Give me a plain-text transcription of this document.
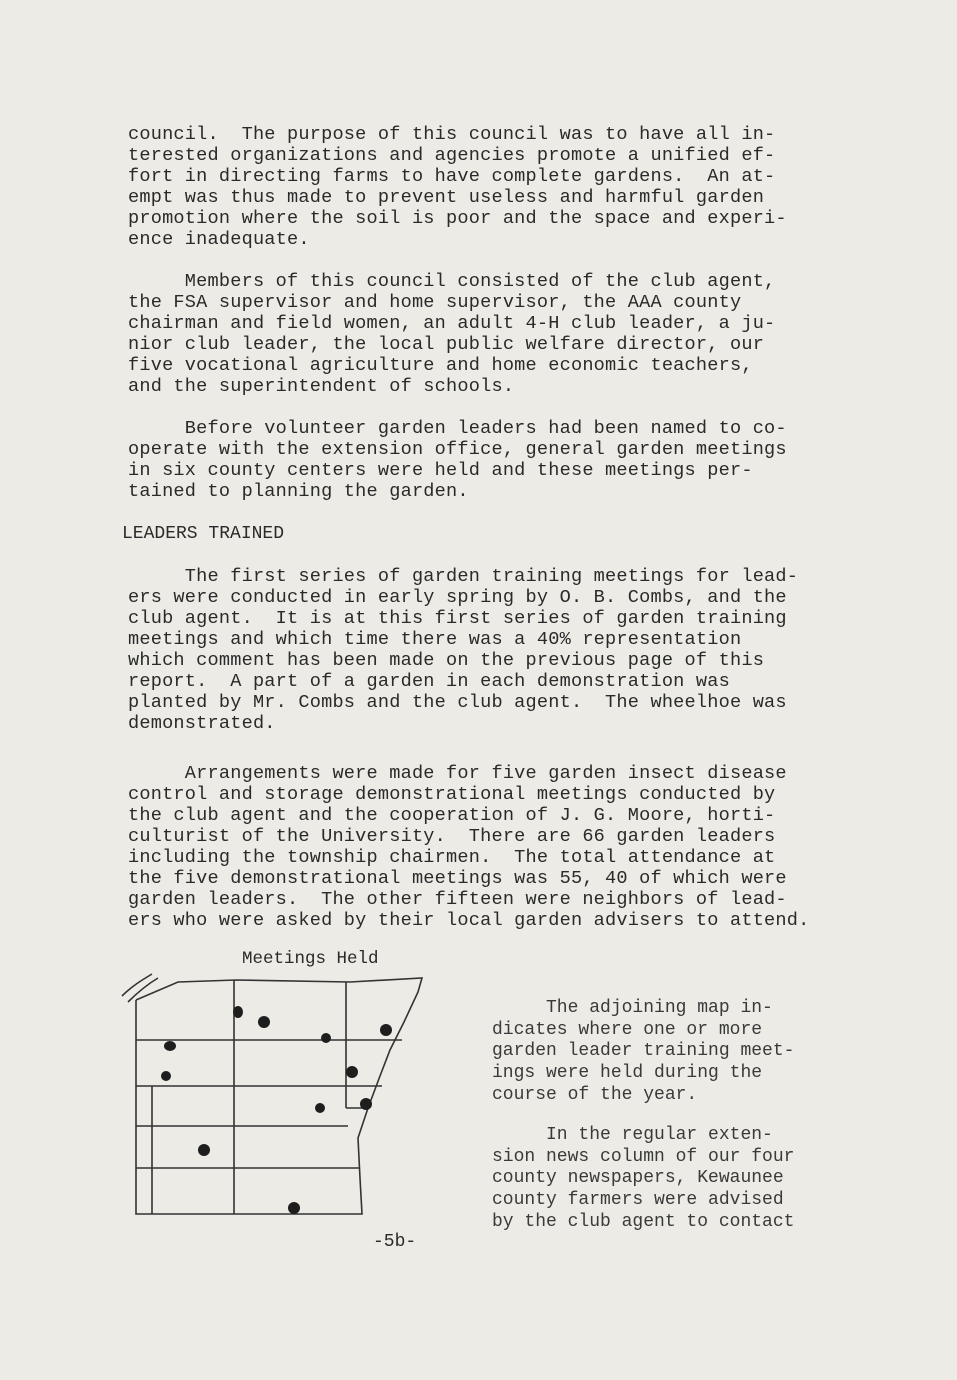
council.  The purpose of this council was to have all in-
terested organizations and agencies promote a unified ef-
fort in directing farms to have complete gardens.  An at-
empt was thus made to prevent useless and harmful garden
promotion where the soil is poor and the space and experi-
ence inadequate.
Members of this council consisted of the club agent,
the FSA supervisor and home supervisor, the AAA county
chairman and field women, an adult 4-H club leader, a ju-
nior club leader, the local public welfare director, our
five vocational agriculture and home economic teachers,
and the superintendent of schools.
Before volunteer garden leaders had been named to co-
operate with the extension office, general garden meetings
in six county centers were held and these meetings per-
tained to planning the garden.

LEADERS TRAINED

The first series of garden training meetings for lead-
ers were conducted in early spring by O. B. Combs, and the
club agent.  It is at this first series of garden training
meetings and which time there was a 40% representation
which comment has been made on the previous page of this
report.  A part of a garden in each demonstration was
planted by Mr. Combs and the club agent.  The wheelhoe was
demonstrated.
Arrangements were made for five garden insect disease
control and storage demonstrational meetings conducted by
the club agent and the cooperation of J. G. Moore, horti-
culturist of the University.  There are 66 garden leaders
including the township chairmen.  The total attendance at
the five demonstrational meetings was 55, 40 of which were
garden leaders.  The other fifteen were neighbors of lead-
ers who were asked by their local garden advisers to attend.

Meetings Held

The adjoining map in-
dicates where one or more
garden leader training meet-
ings were held during the
course of the year.
In the regular exten-
sion news column of our four
county newspapers, Kewaunee
county farmers were advised
by the club agent to contact

-5b-
